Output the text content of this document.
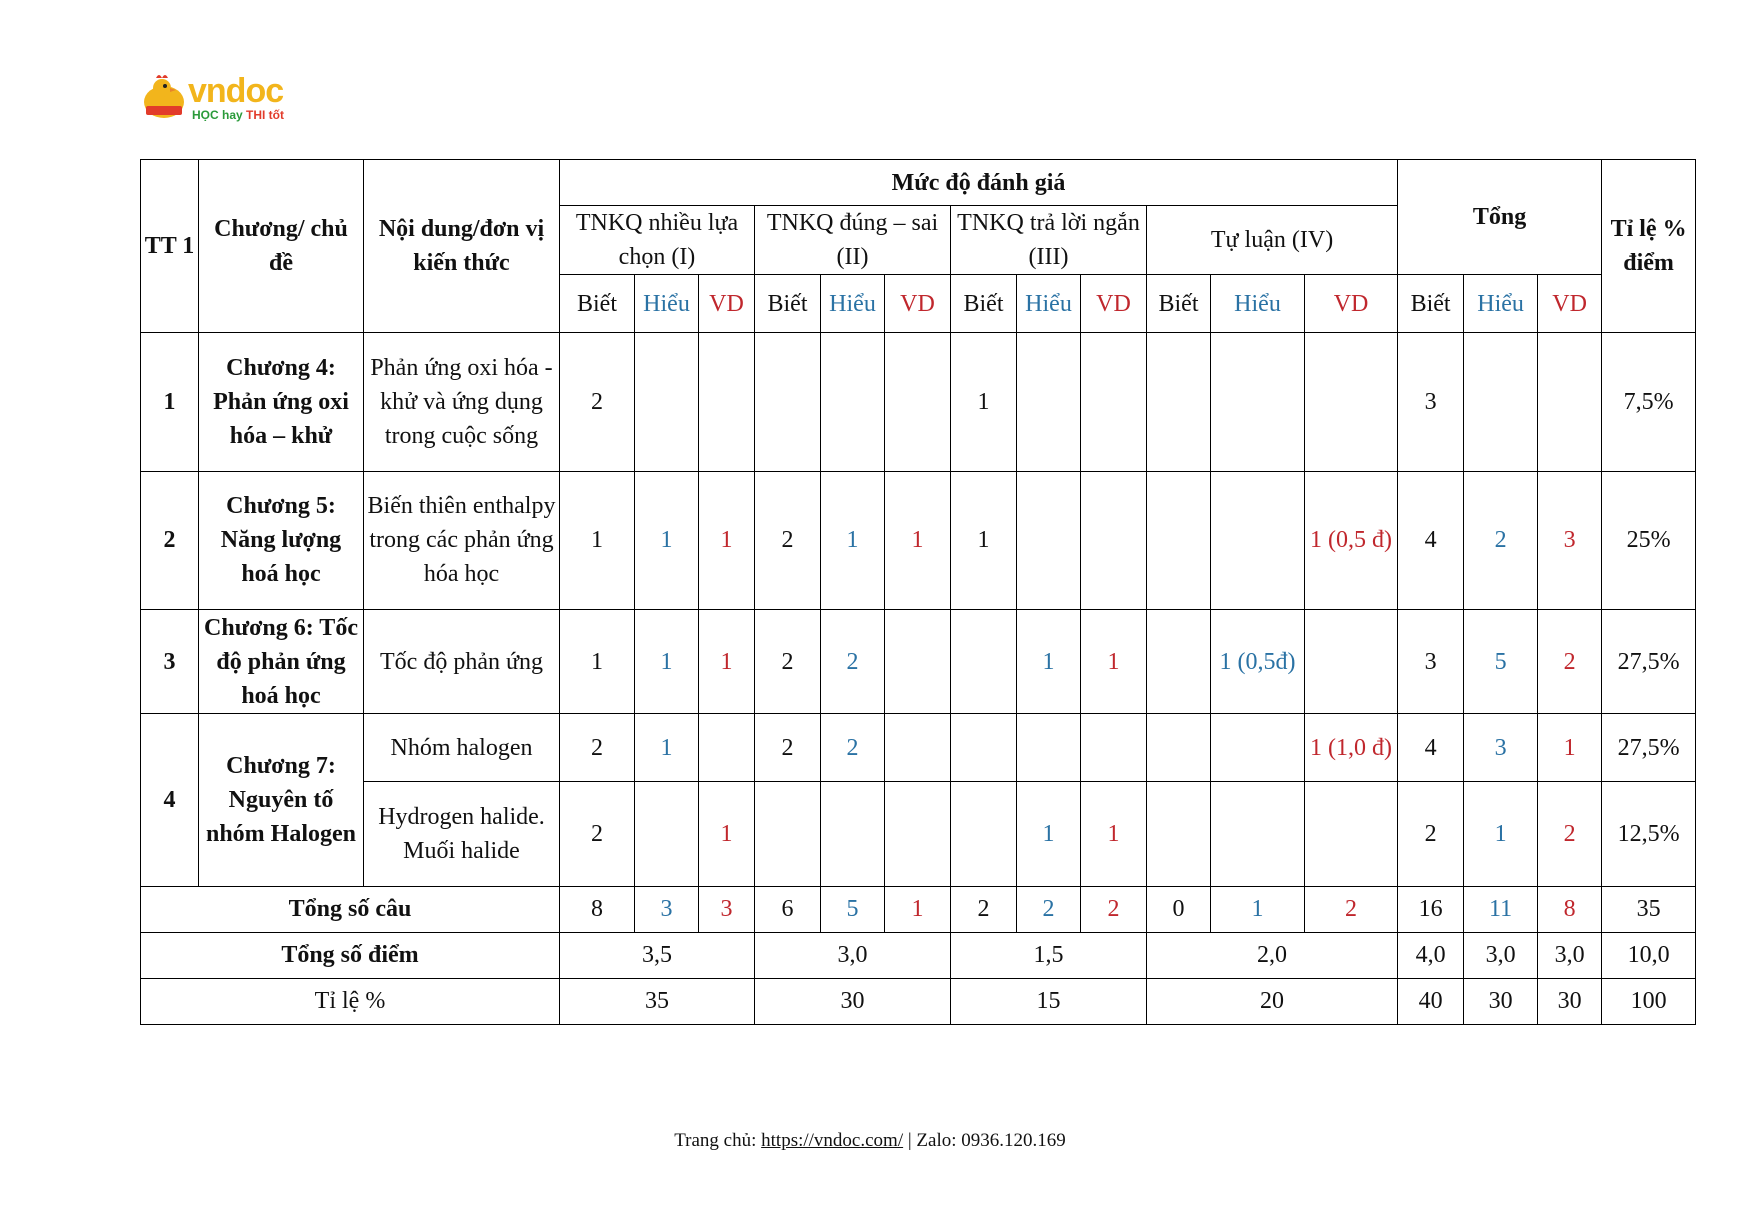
vndoc
HỌC hay THI tốt
TT 1	Chương/ chủ đề	Nội dung/đơn vị kiến thức	Mức độ đánh giá												Tổng			Tỉ lệ % điểm
			TNKQ nhiều lựa chọn (I)			TNKQ đúng – sai (II)			TNKQ trả lời ngắn (III)			Tự luận (IV)						
			Biết	Hiểu	VD	Biết	Hiểu	VD	Biết	Hiểu	VD	Biết	Hiểu	VD	Biết	Hiểu	VD	
1	Chương 4: Phản ứng oxi hóa – khử	Phản ứng oxi hóa - khử và ứng dụng trong cuộc sống	2						1						3			7,5%
2	Chương 5: Năng lượng hoá học	Biến thiên enthalpy trong các phản ứng hóa học	1	1	1	2	1	1	1					1 (0,5 đ)	4	2	3	25%
3	Chương 6: Tốc độ phản ứng hoá học	Tốc độ phản ứng	1	1	1	2	2			1	1		1 (0,5đ)		3	5	2	27,5%
4	Chương 7: Nguyên tố nhóm Halogen	Nhóm halogen	2	1		2	2							1 (1,0 đ)	4	3	1	27,5%
		Hydrogen halide. Muối halide	2		1					1	1				2	1	2	12,5%
Tổng số câu			8	3	3	6	5	1	2	2	2	0	1	2	16	11	8	35
Tổng số điểm			3,5			3,0			1,5			2,0			4,0	3,0	3,0	10,0
Tỉ lệ %			35			30			15			20			40	30	30	100
Trang chủ: https://vndoc.com/ | Zalo: 0936.120.169
